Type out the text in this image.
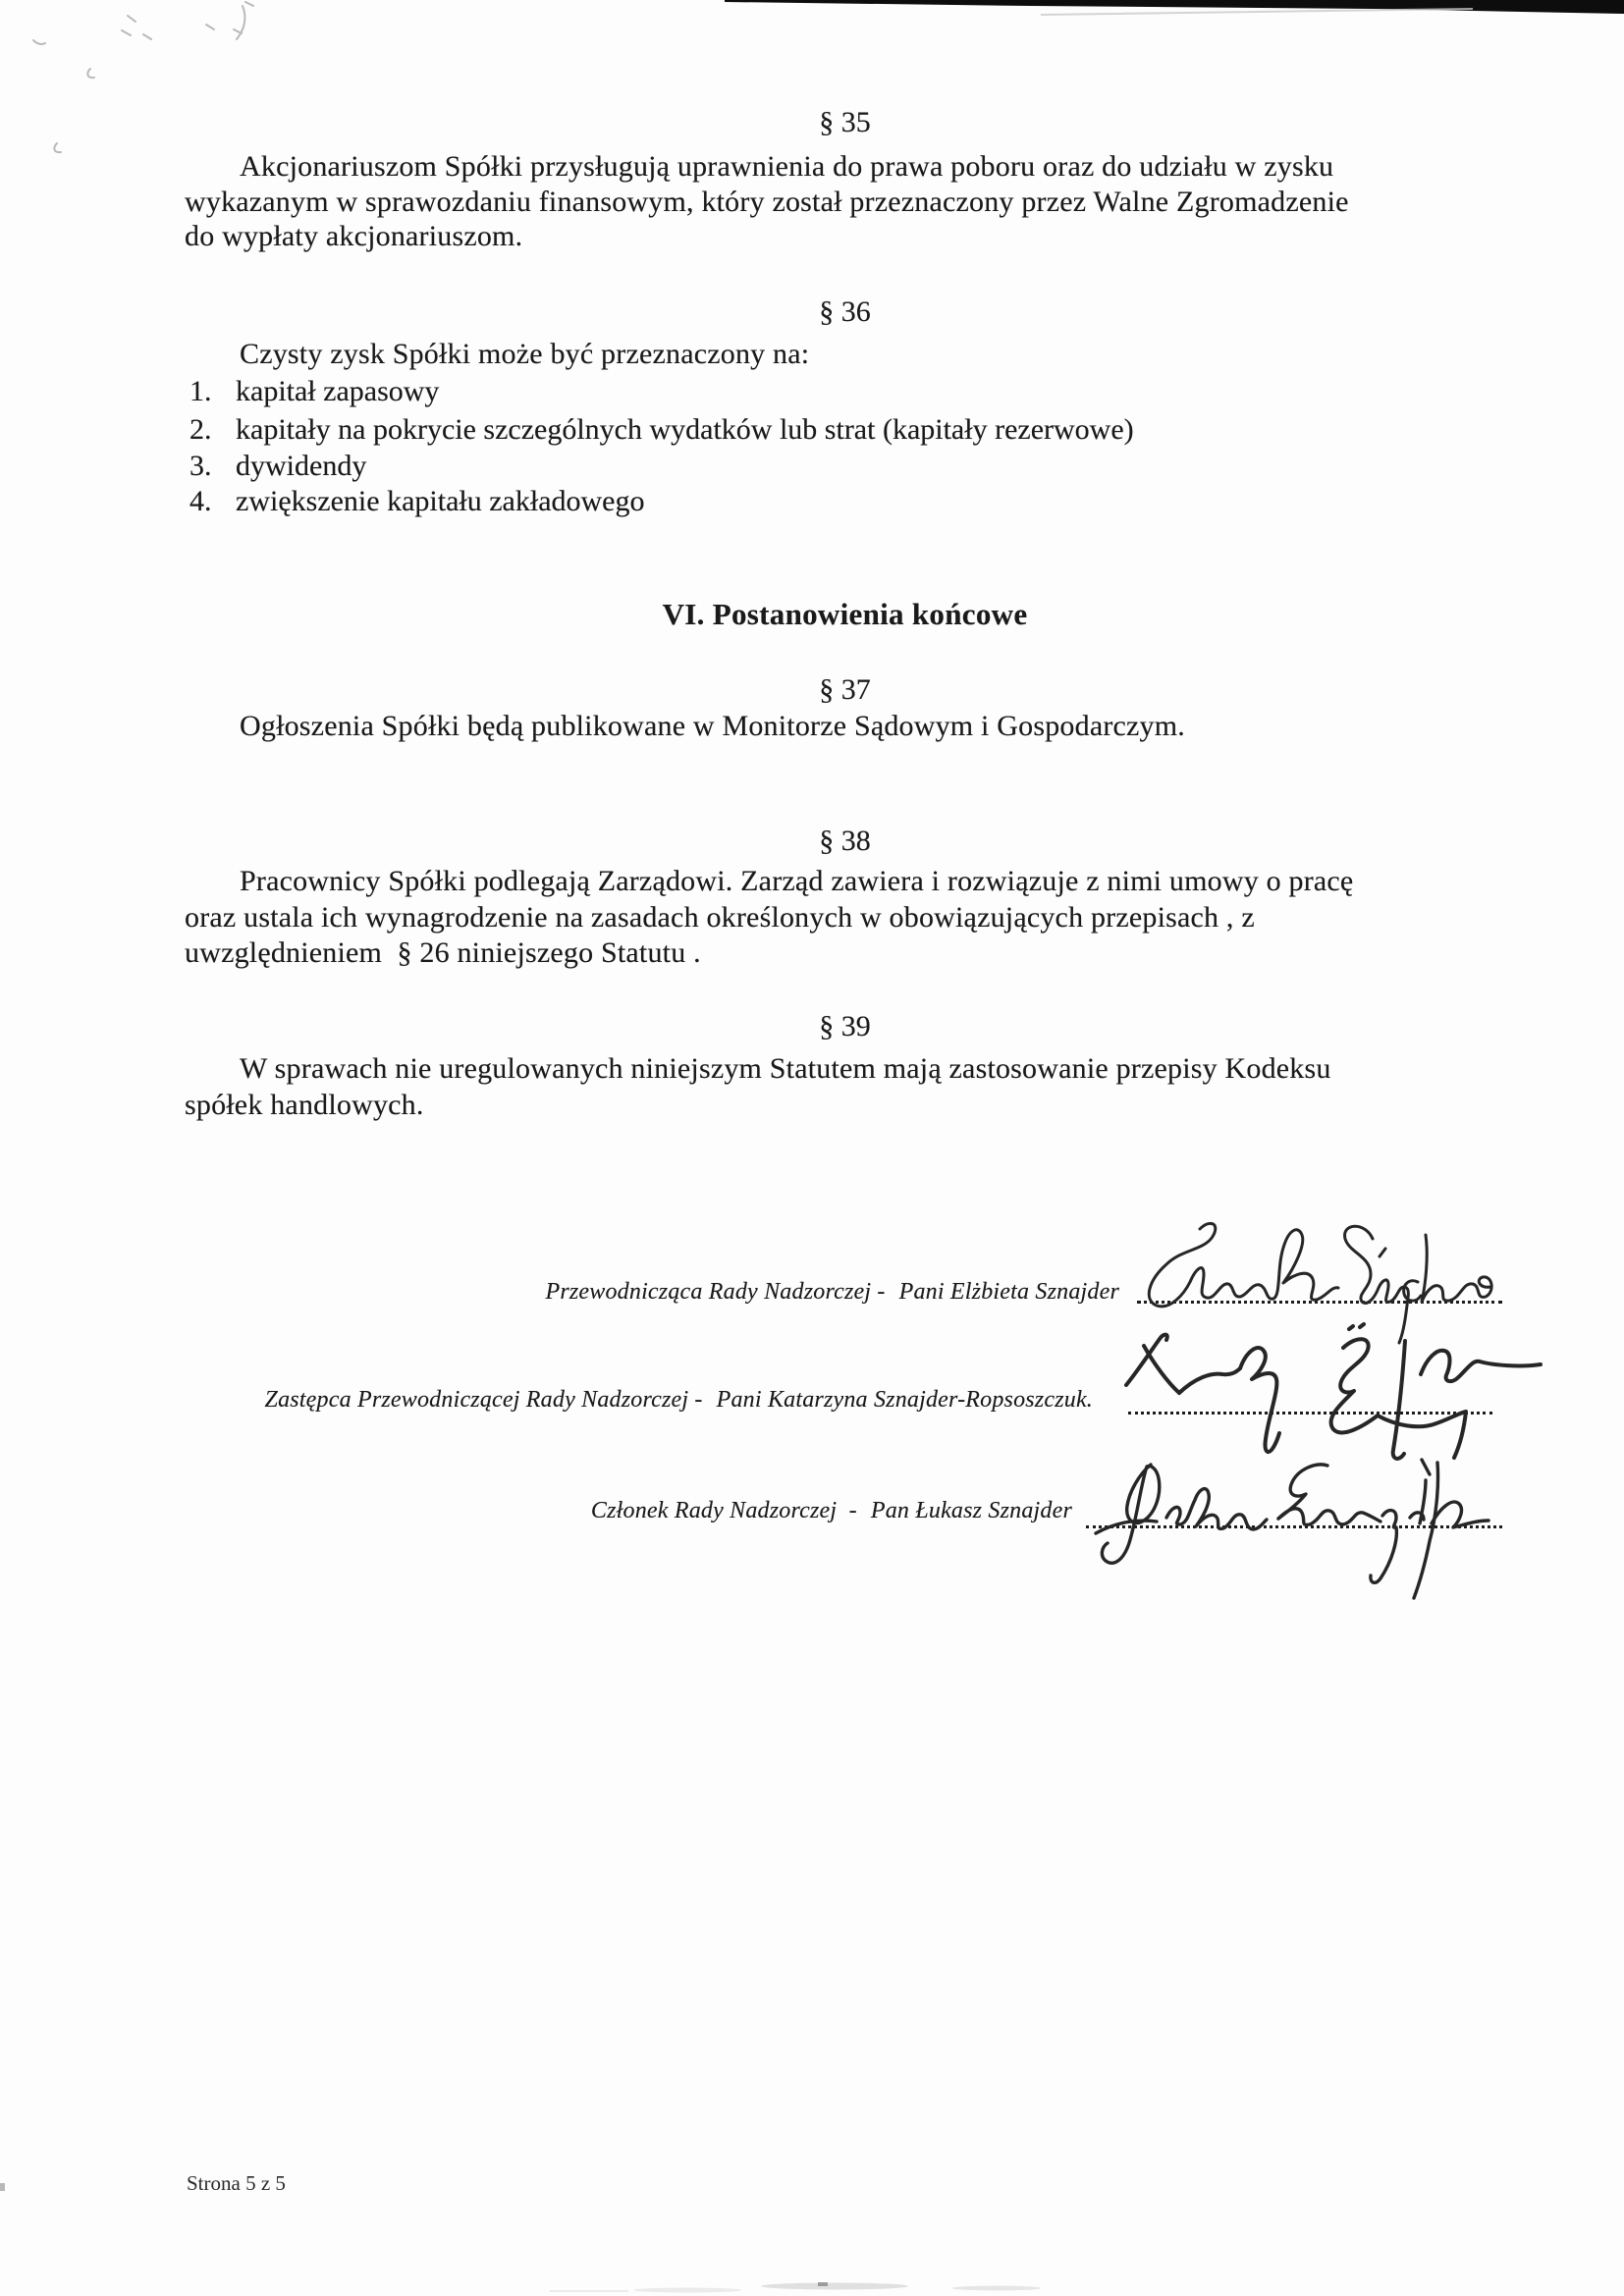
§ 35
Akcjonariuszom Spółki przysługują uprawnienia do prawa poboru oraz do udziału w zysku
wykazanym w sprawozdaniu finansowym, który został przeznaczony przez Walne Zgromadzenie
do wypłaty akcjonariuszom.
§ 36
Czysty zysk Spółki może być przeznaczony na:
1. kapitał zapasowy
2. kapitały na pokrycie szczególnych wydatków lub strat (kapitały rezerwowe)
3. dywidendy
4. zwiększenie kapitału zakładowego
VI. Postanowienia końcowe
§ 37
Ogłoszenia Spółki będą publikowane w Monitorze Sądowym i Gospodarczym.
§ 38
Pracownicy Spółki podlegają Zarządowi. Zarząd zawiera i rozwiązuje z nimi umowy o pracę
oraz ustala ich wynagrodzenie na zasadach określonych w obowiązujących przepisach , z
uwzględnieniem  § 26 niniejszego Statutu .
§ 39
W sprawach nie uregulowanych niniejszym Statutem mają zastosowanie przepisy Kodeksu
spółek handlowych.
Przewodnicząca Rady Nadzorczej - Pani Elżbieta Sznajder
Zastępca Przewodniczącej Rady Nadzorczej - Pani Katarzyna Sznajder-Ropsoszczuk.
Członek Rady Nadzorczej  - Pan Łukasz Sznajder
Strona 5 z 5
